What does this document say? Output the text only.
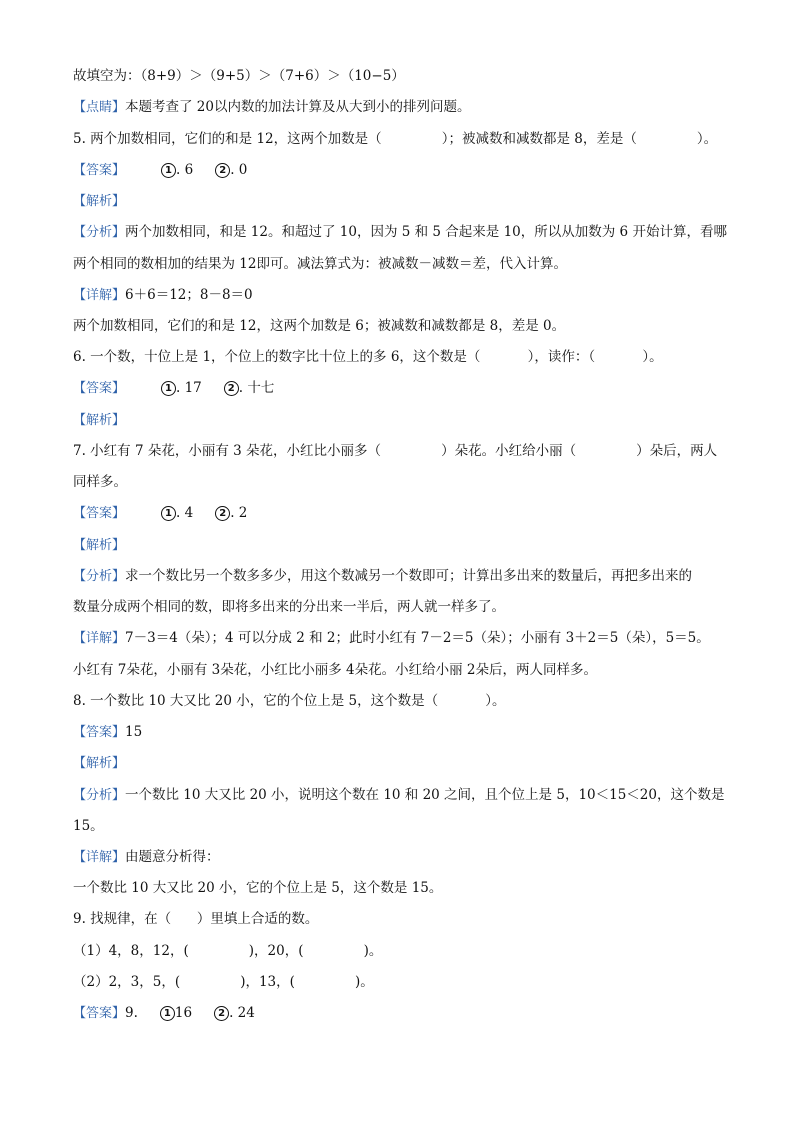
故填空为：（8+9）＞（9+5）＞（7+6）＞（10−5）
【点睛】本题考查了 20以内数的加法计算及从大到小的排列问题。
5. 两个加数相同，它们的和是 12，这两个加数是（              ）；被减数和减数都是 8，差是（              ）。
【答案】	1 . 6	2 . 0
【解析】
【分析】两个加数相同，和是 12。和超过了 10，因为 5 和 5 合起来是 10，所以从加数为 6 开始计算，看哪
两个相同的数相加的结果为 12即可。减法算式为：被减数－减数＝差，代入计算。
【详解】6＋6＝12；8－8＝0
两个加数相同，它们的和是 12，这两个加数是 6；被减数和减数都是 8，差是 0。
6. 一个数，十位上是 1，个位上的数字比十位上的多 6，这个数是（           ），读作：（           ）。
【答案】	1 . 17	2 . 十七
【解析】
7. 小红有 7 朵花，小丽有 3 朵花，小红比小丽多（              ）朵花。小红给小丽（              ）朵后，两人
同样多。
【答案】	1 . 4	2 . 2
【解析】
【分析】求一个数比另一个数多多少，用这个数减另一个数即可；计算出多出来的数量后，再把多出来的
数量分成两个相同的数，即将多出来的分出来一半后，两人就一样多了。
【详解】7－3＝4（朵）；4 可以分成 2 和 2；此时小红有 7－2＝5（朵）；小丽有 3＋2＝5（朵），5＝5。
小红有 7朵花，小丽有 3朵花，小红比小丽多 4朵花。小红给小丽 2朵后，两人同样多。
8. 一个数比 10 大又比 20 小，它的个位上是 5，这个数是（           ）。
【答案】15
【解析】
【分析】一个数比 10 大又比 20 小，说明这个数在 10 和 20 之间，且个位上是 5，10＜15＜20，这个数是
15。
【详解】由题意分析得：
一个数比 10 大又比 20 小，它的个位上是 5，这个数是 15。
9. 找规律，在（      ）里填上合适的数。
（1）4，8，12，(              )，20，(              )。
（2）2，3，5，(              )，13，(              )。
【答案】9.	1 16	2 . 24
